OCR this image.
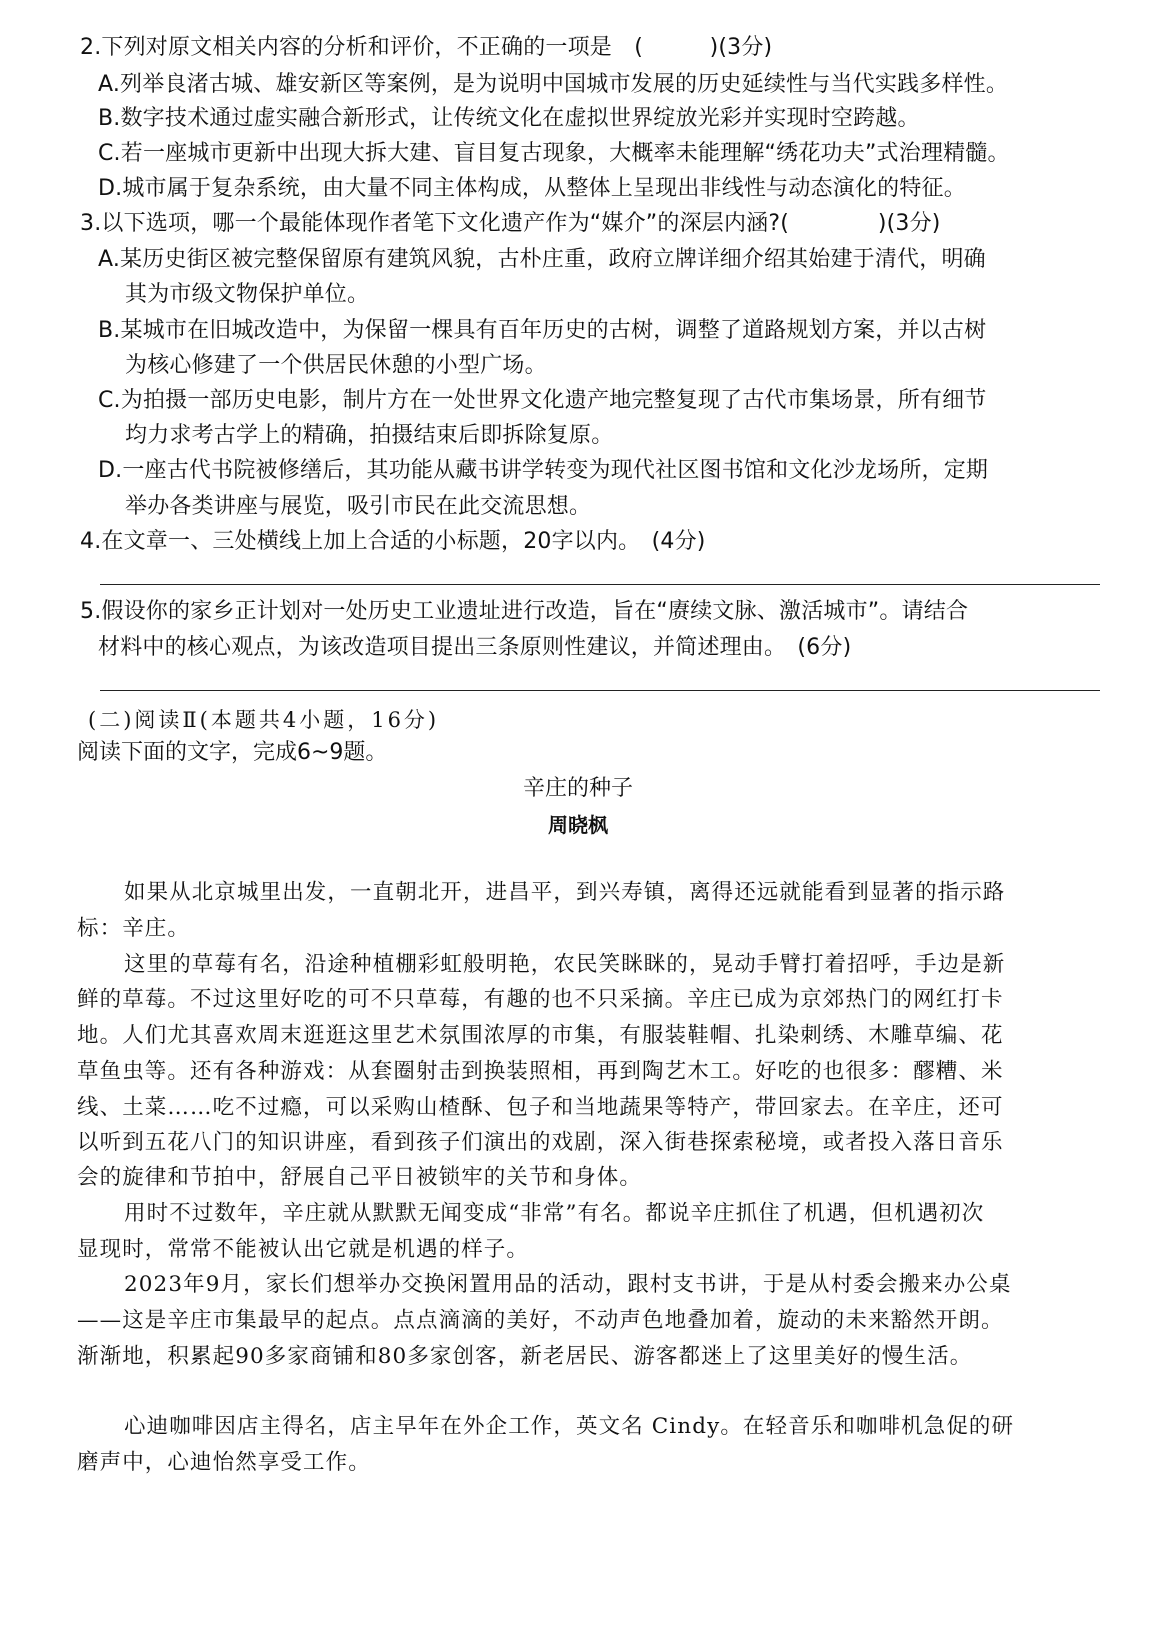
2.下列对原文相关内容的分析和评价，不正确的一项是　(　　　)(3分)
A.列举良渚古城、雄安新区等案例，是为说明中国城市发展的历史延续性与当代实践多样性。
B.数字技术通过虚实融合新形式，让传统文化在虚拟世界绽放光彩并实现时空跨越。
C.若一座城市更新中出现大拆大建、盲目复古现象，大概率未能理解“绣花功夫”式治理精髓。
D.城市属于复杂系统，由大量不同主体构成，从整体上呈现出非线性与动态演化的特征。
3.以下选项，哪一个最能体现作者笔下文化遗产作为“媒介”的深层内涵?(　　　　)(3分)
A.某历史街区被完整保留原有建筑风貌，古朴庄重，政府立牌详细介绍其始建于清代，明确
其为市级文物保护单位。
B.某城市在旧城改造中，为保留一棵具有百年历史的古树，调整了道路规划方案，并以古树
为核心修建了一个供居民休憩的小型广场。
C.为拍摄一部历史电影，制片方在一处世界文化遗产地完整复现了古代市集场景，所有细节
均力求考古学上的精确，拍摄结束后即拆除复原。
D.一座古代书院被修缮后，其功能从藏书讲学转变为现代社区图书馆和文化沙龙场所，定期
举办各类讲座与展览，吸引市民在此交流思想。
4.在文章一、三处横线上加上合适的小标题，20字以内。　(4分)
5.假设你的家乡正计划对一处历史工业遗址进行改造，旨在“赓续文脉、激活城市”。请结合
材料中的核心观点，为该改造项目提出三条原则性建议，并简述理由。　(6分)
(二)阅读Ⅱ(本题共4小题，16分)
阅读下面的文字，完成6~9题。
辛庄的种子
周晓枫
如果从北京城里出发，一直朝北开，进昌平，到兴寿镇，离得还远就能看到显著的指示路
标：辛庄。
这里的草莓有名，沿途种植棚彩虹般明艳，农民笑眯眯的，晃动手臂打着招呼，手边是新
鲜的草莓。不过这里好吃的可不只草莓，有趣的也不只采摘。辛庄已成为京郊热门的网红打卡
地。人们尤其喜欢周末逛逛这里艺术氛围浓厚的市集，有服装鞋帽、扎染刺绣、木雕草编、花
草鱼虫等。还有各种游戏：从套圈射击到换装照相，再到陶艺木工。好吃的也很多：醪糟、米
线、土菜……吃不过瘾，可以采购山楂酥、包子和当地蔬果等特产，带回家去。在辛庄，还可
以听到五花八门的知识讲座，看到孩子们演出的戏剧，深入街巷探索秘境，或者投入落日音乐
会的旋律和节拍中，舒展自己平日被锁牢的关节和身体。
用时不过数年，辛庄就从默默无闻变成“非常”有名。都说辛庄抓住了机遇，但机遇初次
显现时，常常不能被认出它就是机遇的样子。
2023年9月，家长们想举办交换闲置用品的活动，跟村支书讲，于是从村委会搬来办公桌
——这是辛庄市集最早的起点。点点滴滴的美好，不动声色地叠加着，旋动的未来豁然开朗。
渐渐地，积累起90多家商铺和80多家创客，新老居民、游客都迷上了这里美好的慢生活。
心迪咖啡因店主得名，店主早年在外企工作，英文名 Cindy。在轻音乐和咖啡机急促的研
磨声中，心迪怡然享受工作。
